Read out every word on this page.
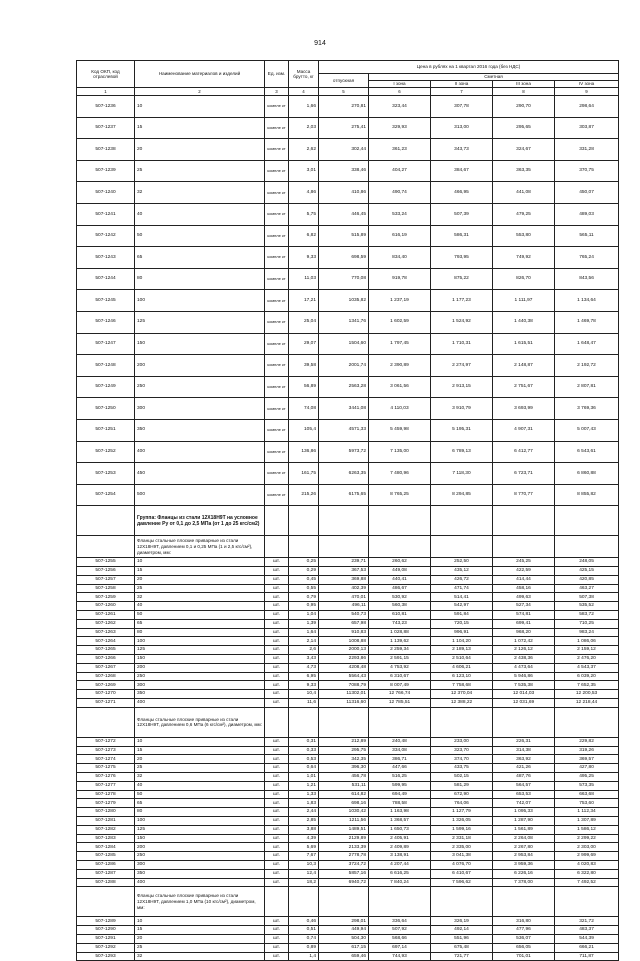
914
Код ОКП, код отраслевой	Наименование материалов и изделий	Ед. изм.	Масса брутто, кг	Цена в рублях на 1 квартал 2016 года (без НДС)				
				отпускная	Сметная			
					I зона	II зона	III зона	IV зона
1	2	3	4	5	6	7	8	9
507-1236	10	компле кт	1,66	270,81	323,44	307,78	290,70	298,64
507-1237	15	компле кт	2,03	275,41	329,93	313,00	295,65	303,87
507-1238	20	компле кт	2,62	302,44	361,23	343,73	324,67	331,28
507-1239	25	компле кт	3,01	338,46	404,27	384,67	363,35	370,75
507-1240	32	компле кт	4,86	410,86	490,74	466,95	441,08	450,07
507-1241	40	компле кт	5,75	446,45	533,24	507,39	479,25	489,03
507-1242	50	компле кт	6,82	515,89	616,19	586,31	553,80	565,11
507-1243	65	компле кт	9,33	698,59	834,40	793,95	749,92	765,24
507-1244	80	компле кт	11,03	770,08	919,78	875,22	826,70	843,56
507-1245	100	компле кт	17,21	1035,82	1 237,19	1 177,23	1 111,97	1 134,64
507-1246	125	компле кт	25,04	1341,76	1 602,59	1 524,92	1 440,38	1 469,78
507-1247	150	компле кт	29,07	1504,60	1 797,45	1 710,31	1 615,51	1 648,47
507-1248	200	компле кт	39,58	2001,74	2 390,89	2 274,97	2 148,87	2 192,72
507-1249	250	компле кт	56,89	2563,28	3 061,56	2 913,15	2 751,67	2 807,81
507-1250	300	компле кт	74,08	3441,08	4 110,03	3 910,79	3 693,99	3 769,36
507-1251	350	компле кт	105,4	4571,33	5 459,98	5 195,31	4 907,31	5 007,43
507-1252	400	компле кт	136,86	5973,72	7 135,00	6 789,13	6 412,77	6 543,61
507-1253	450	компле кт	161,75	6263,35	7 480,96	7 118,30	6 723,71	6 860,88
507-1254	500	компле кт	215,26	6175,65	8 765,25	8 294,85	8 770,77	8 855,82
	Группа: Фланцы из стали 12Х18Н9Т на условное давление Ру от 0,1 до 2,5 МПа (от 1 до 25 кгс/см2)							
	Фланцы стальные плоские приварные из стали 12Х18Н9Т, давлением 0,1 и 0,25 МПа (1 и 2,5 кгс/см²), диаметром, мм:							
507-1255	10	шт.	0,25	239,71	260,62	252,50	245,25	248,05
507-1256	15	шт.	0,29	367,53	449,08	435,12	422,59	425,15
507-1257	20	шт.	0,45	369,88	440,41	426,72	414,44	420,85
507-1258	25	шт.	0,55	402,39	486,67	471,74	458,16	463,27
507-1259	32	шт.	0,79	470,01	530,92	514,41	499,63	507,38
507-1260	40	шт.	0,95	496,11	560,38	542,97	527,34	535,52
507-1261	50	шт.	1,04	540,73	610,81	591,84	574,81	583,72
507-1262	65	шт.	1,39	657,98	743,23	720,15	699,41	710,25
507-1263	80	шт.	1,64	910,83	1 028,88	996,91	968,20	983,24
507-1264	100	шт.	2,14	1008,88	1 139,62	1 104,20	1 072,42	1 086,06
507-1265	125	шт.	2,6	2000,13	2 259,34	2 189,13	2 126,12	2 159,12
507-1266	150	шт.	3,43	2293,86	2 591,15	2 510,64	2 438,36	2 476,20
507-1267	200	шт.	4,73	4208,48	4 753,92	4 606,21	4 473,64	4 543,37
507-1268	250	шт.	6,95	5564,43	6 310,67	6 123,10	5 946,86	6 039,20
507-1269	300	шт.	9,33	7088,79	8 007,49	7 758,68	7 535,38	7 652,35
507-1270	350	шт.	10,4	11302,01	12 766,74	12 370,04	12 014,03	12 200,53
507-1271	400	шт.	11,6	11316,60	12 785,51	12 388,22	12 031,69	12 218,44
	Фланцы стальные плоские приварные из стали 12Х18Н9Т, давлением 0,6 МПа (6 кгс/см²), диаметром, мм:							
507-1272	10	шт.	0,31	212,89	240,48	233,00	226,31	229,82
507-1273	15	шт.	0,33	295,75	334,08	323,70	314,38	319,26
507-1274	20	шт.	0,53	342,35	386,71	374,70	363,92	369,57
507-1275	25	шт.	0,64	396,30	447,66	433,75	421,26	427,80
507-1276	32	шт.	1,01	456,78	516,25	502,15	487,76	495,25
507-1277	40	шт.	1,21	531,11	599,95	581,29	564,57	573,35
507-1278	50	шт.	1,33	614,82	694,49	672,90	653,53	663,68
507-1279	65	шт.	1,83	698,16	788,58	764,06	742,07	753,60
507-1280	80	шт.	2,44	1030,42	1 163,98	1 127,79	1 095,33	1 112,34
507-1281	100	шт.	2,85	1211,56	1 368,57	1 326,05	1 287,90	1 307,89
507-1282	125	шт.	3,88	1489,51	1 650,73	1 599,16	1 561,89	1 586,12
507-1283	150	шт.	4,39	2129,89	2 405,91	2 331,18	2 264,08	2 299,22
507-1284	200	шт.	5,69	2133,39	2 409,89	2 335,00	2 267,80	2 303,00
507-1285	250	шт.	7,67	2778,78	3 138,91	3 041,38	2 953,84	2 999,69
507-1286	300	шт.	10,3	3724,72	4 207,44	4 076,70	3 959,36	4 020,83
507-1287	350	шт.	12,4	5857,16	6 616,25	6 410,67	6 226,16	6 322,80
507-1288	400	шт.	18,2	6940,72	7 840,24	7 596,62	7 378,00	7 492,52
	Фланцы стальные плоские приварные из стали 12Х18Н9Т, давлением 1,0 МПа (10 кгс/см²), диаметром, мм:							
507-1289	10	шт.	0,46	298,01	336,64	326,19	316,80	321,72
507-1290	15	шт.	0,51	449,94	507,92	492,14	477,96	483,37
507-1291	20	шт.	0,74	504,30	568,66	551,96	536,07	544,39
507-1292	25	шт.	0,89	617,15	697,14	675,48	656,05	666,21
507-1293	32	шт.	1,4	659,46	744,93	721,77	701,01	711,87
